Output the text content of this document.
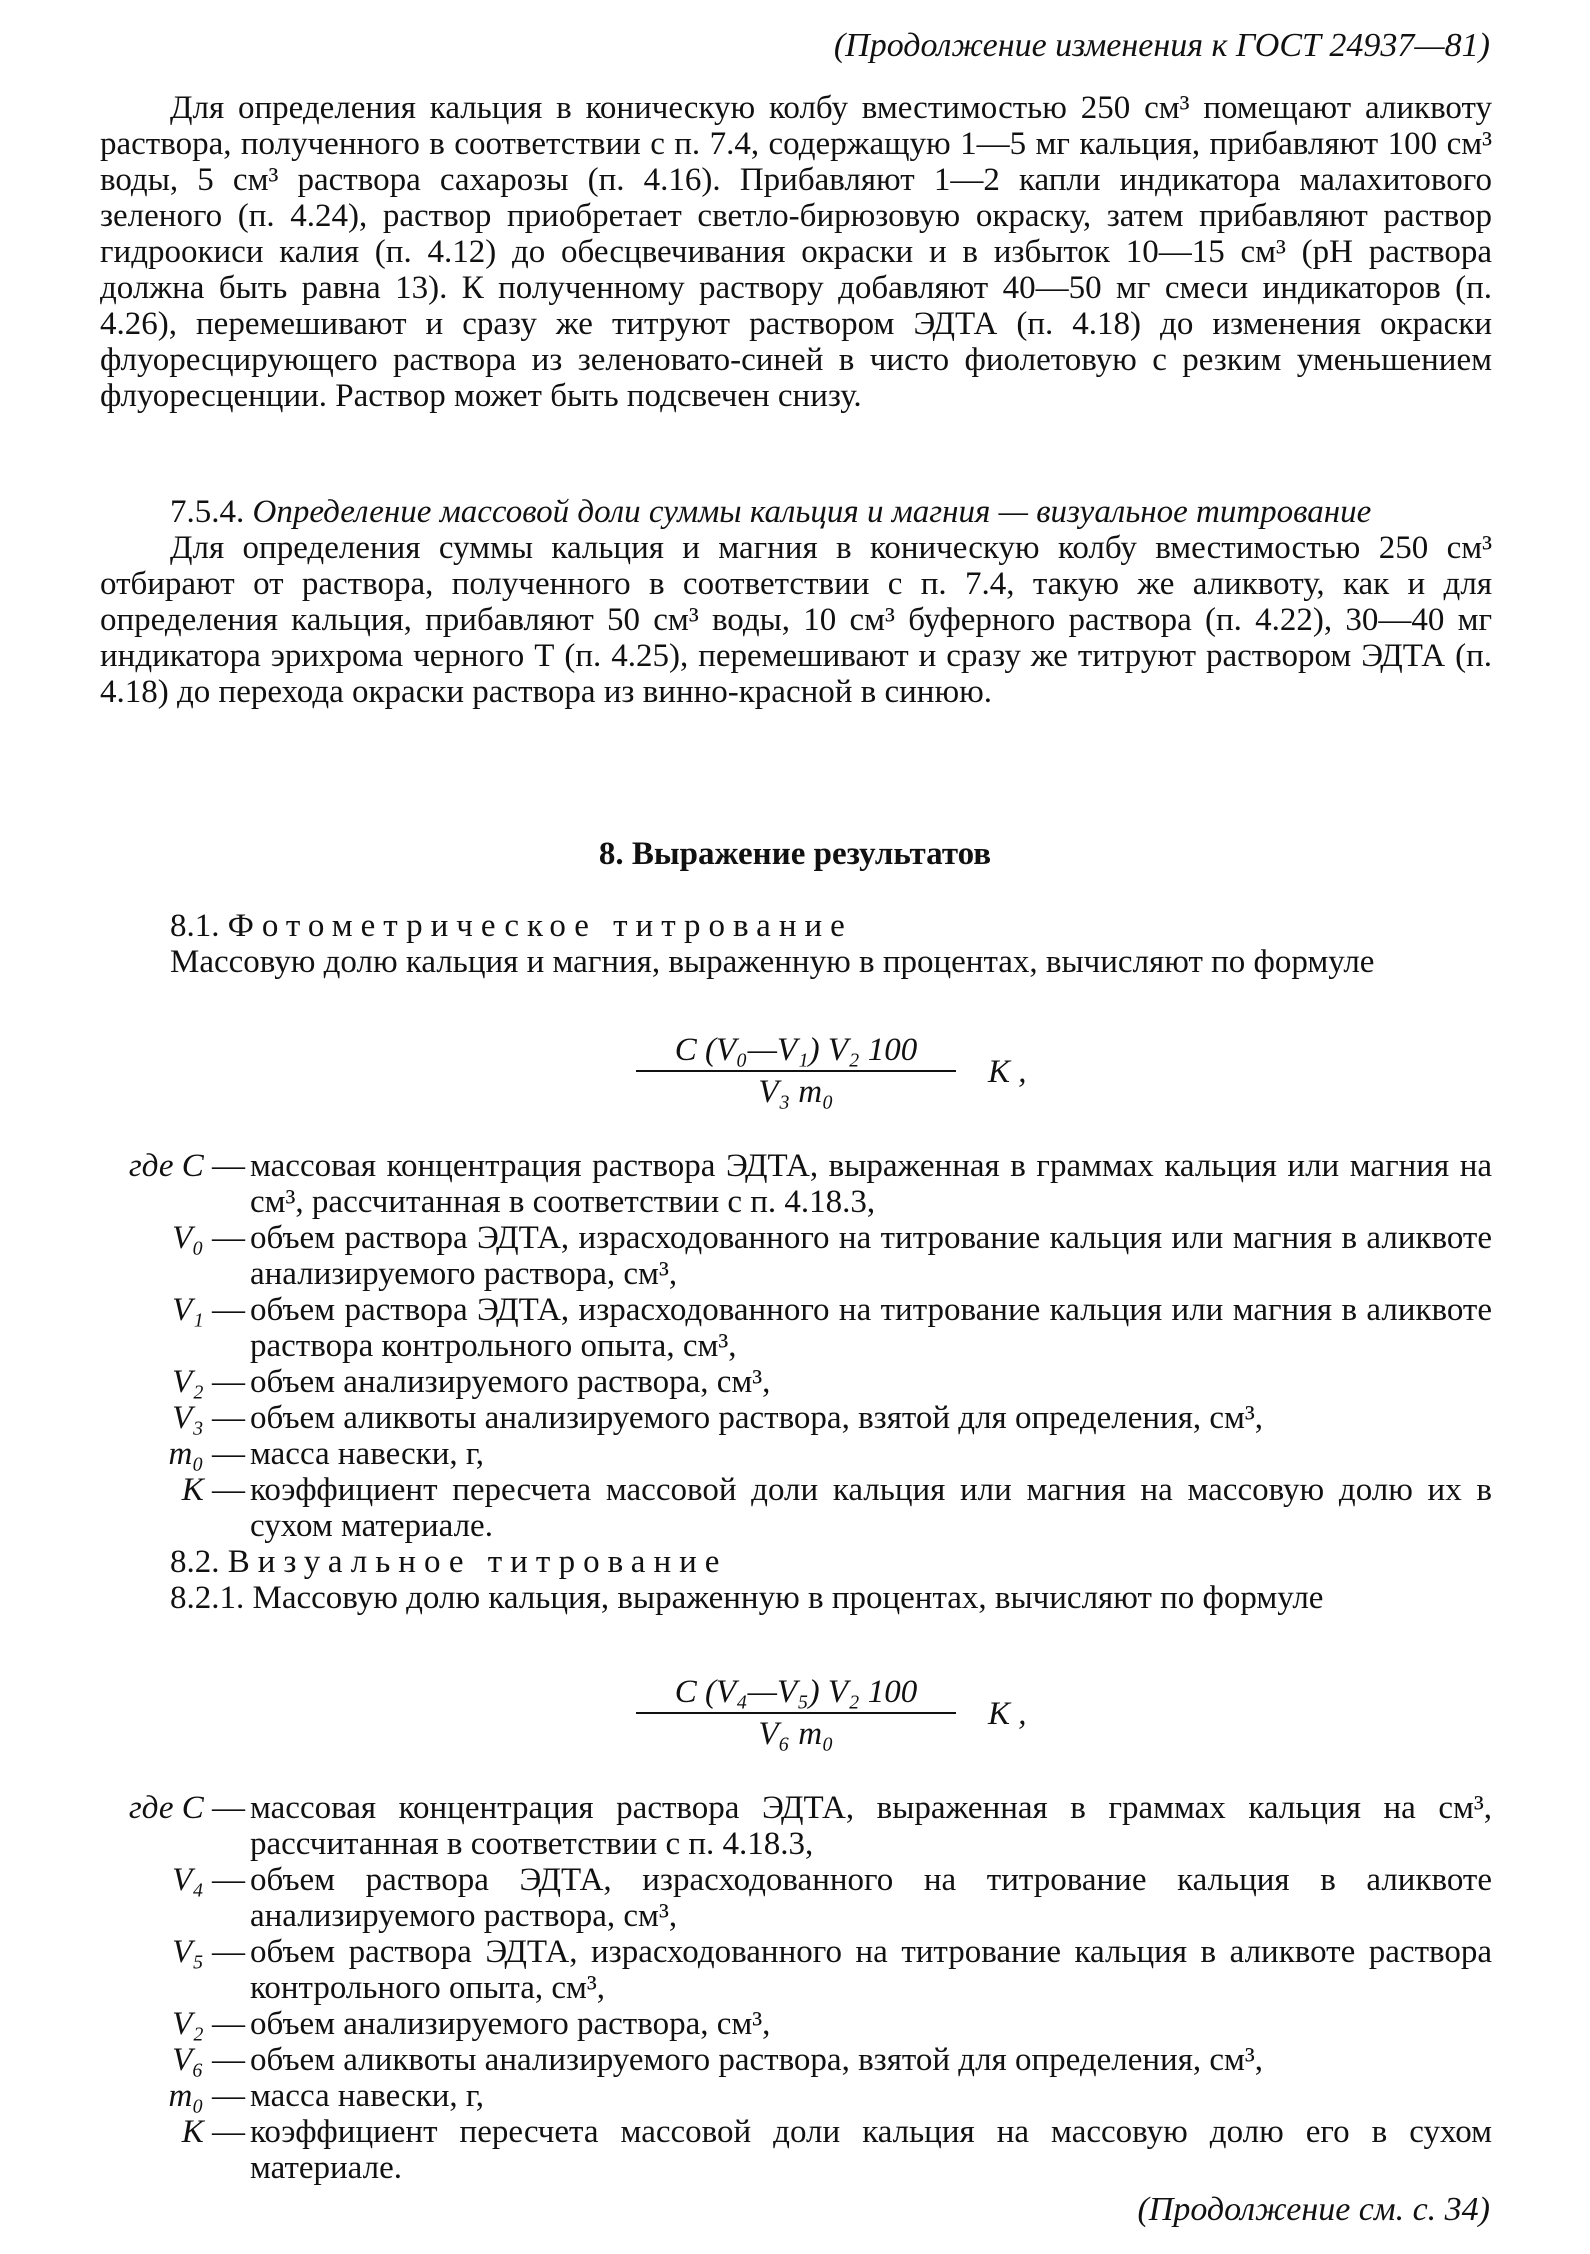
(Продолжение изменения к ГОСТ 24937—81)

Для определения кальция в коническую колбу вместимостью 250 см³ помещают аликвоту раствора, полученного в соответствии с п. 7.4, содержащую 1—5 мг кальция, прибавляют 100 см³ воды, 5 см³ раствора сахарозы (п. 4.16). Прибавляют 1—2 капли индикатора малахитового зеленого (п. 4.24), раствор приобретает светло-бирюзовую окраску, затем прибавляют раствор гидроокиси калия (п. 4.12) до обесцвечивания окраски и в избыток 10—15 см³ (рН раствора должна быть равна 13). К полученному раствору добавляют 40—50 мг смеси индикаторов (п. 4.26), перемешивают и сразу же титруют раствором ЭДТА (п. 4.18) до изменения окраски флуоресцирующего раствора из зеленовато-синей в чисто фиолетовую с резким уменьшением флуоресценции. Раствор может быть подсвечен снизу.

7.5.4. Определение массовой доли суммы кальция и магния — визуальное титрование

Для определения суммы кальция и магния в коническую колбу вместимостью 250 см³ отбирают от раствора, полученного в соответствии с п. 7.4, такую же аликвоту, как и для определения кальция, прибавляют 50 см³ воды, 10 см³ буферного раствора (п. 4.22), 30—40 мг индикатора эрихрома черного Т (п. 4.25), перемешивают и сразу же титруют раствором ЭДТА (п. 4.18) до перехода окраски раствора из винно-красной в синюю.

8. Выражение результатов

8.1. Фотометрическое титрование

Массовую долю кальция и магния, выраженную в процентах, вычисляют по формуле

C (V₀—V₁) V₂ 100
V₃ m₀
K ,

где C — массовая концентрация раствора ЭДТА, выраженная в граммах кальция или магния на см³, рассчитанная в соответствии с п. 4.18.3,

V₀ — объем раствора ЭДТА, израсходованного на титрование кальция или магния в аликвоте анализируемого раствора, см³,

V₁ — объем раствора ЭДТА, израсходованного на титрование кальция или магния в аликвоте раствора контрольного опыта, см³,

V₂ — объем анализируемого раствора, см³,

V₃ — объем аликвоты анализируемого раствора, взятой для определения, см³,

m₀ — масса навески, г,

K — коэффициент пересчета массовой доли кальция или магния на массовую долю их в сухом материале.

8.2. Визуальное титрование

8.2.1. Массовую долю кальция, выраженную в процентах, вычисляют по формуле

C (V₄—V₅) V₂ 100
V₆ m₀
K ,

где C — массовая концентрация раствора ЭДТА, выраженная в граммах кальция на см³, рассчитанная в соответствии с п. 4.18.3,

V₄ — объем раствора ЭДТА, израсходованного на титрование кальция в аликвоте анализируемого раствора, см³,

V₅ — объем раствора ЭДТА, израсходованного на титрование кальция в аликвоте раствора контрольного опыта, см³,

V₂ — объем анализируемого раствора, см³,

V₆ — объем аликвоты анализируемого раствора, взятой для определения, см³,

m₀ — масса навески, г,

K — коэффициент пересчета массовой доли кальция на массовую долю его в сухом материале.

(Продолжение см. с. 34)
